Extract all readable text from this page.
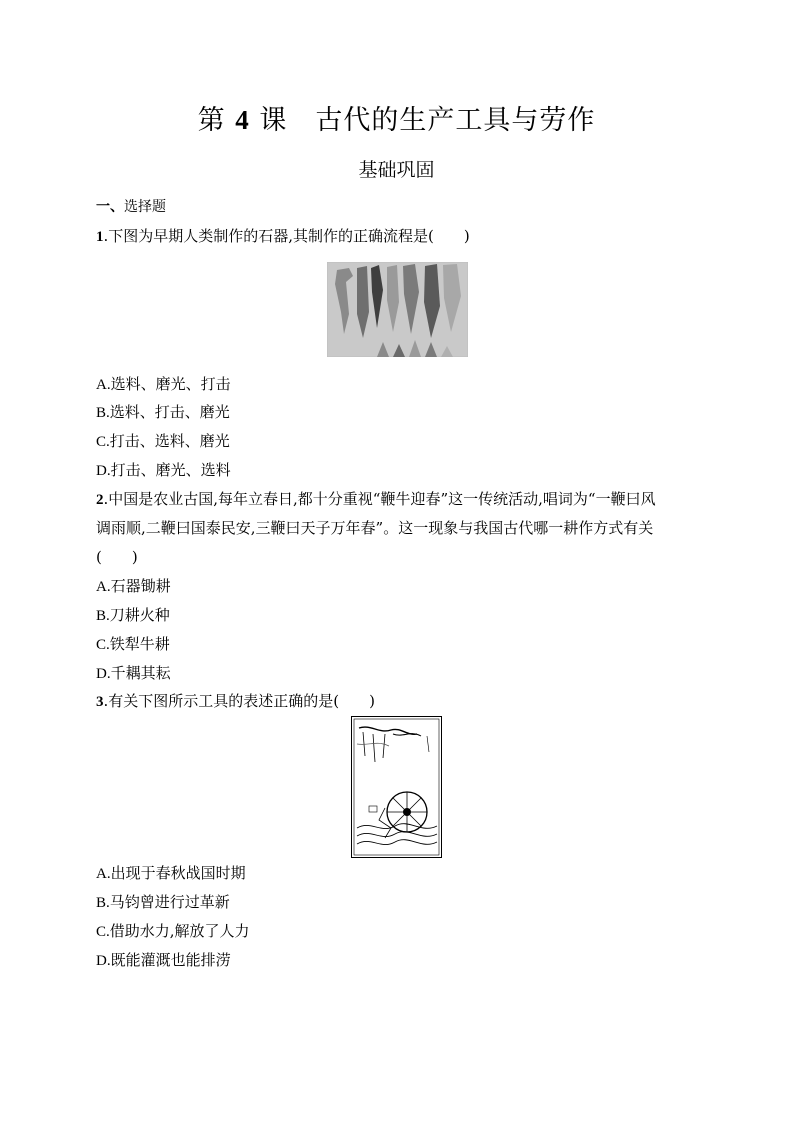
第 4 课 古代的生产工具与劳作
基础巩固
一、选择题
1.下图为早期人类制作的石器,其制作的正确流程是(　　)
A.选料、磨光、打击
B.选料、打击、磨光
C.打击、选料、磨光
D.打击、磨光、选料
2.中国是农业古国,每年立春日,都十分重视“鞭牛迎春”这一传统活动,唱词为“一鞭曰风
调雨顺,二鞭曰国泰民安,三鞭曰天子万年春”。这一现象与我国古代哪一耕作方式有关
(　　)
A.石器锄耕
B.刀耕火种
C.铁犁牛耕
D.千耦其耘
3.有关下图所示工具的表述正确的是(　　)
A.出现于春秋战国时期
B.马钧曾进行过革新
C.借助水力,解放了人力
D.既能灌溉也能排涝
